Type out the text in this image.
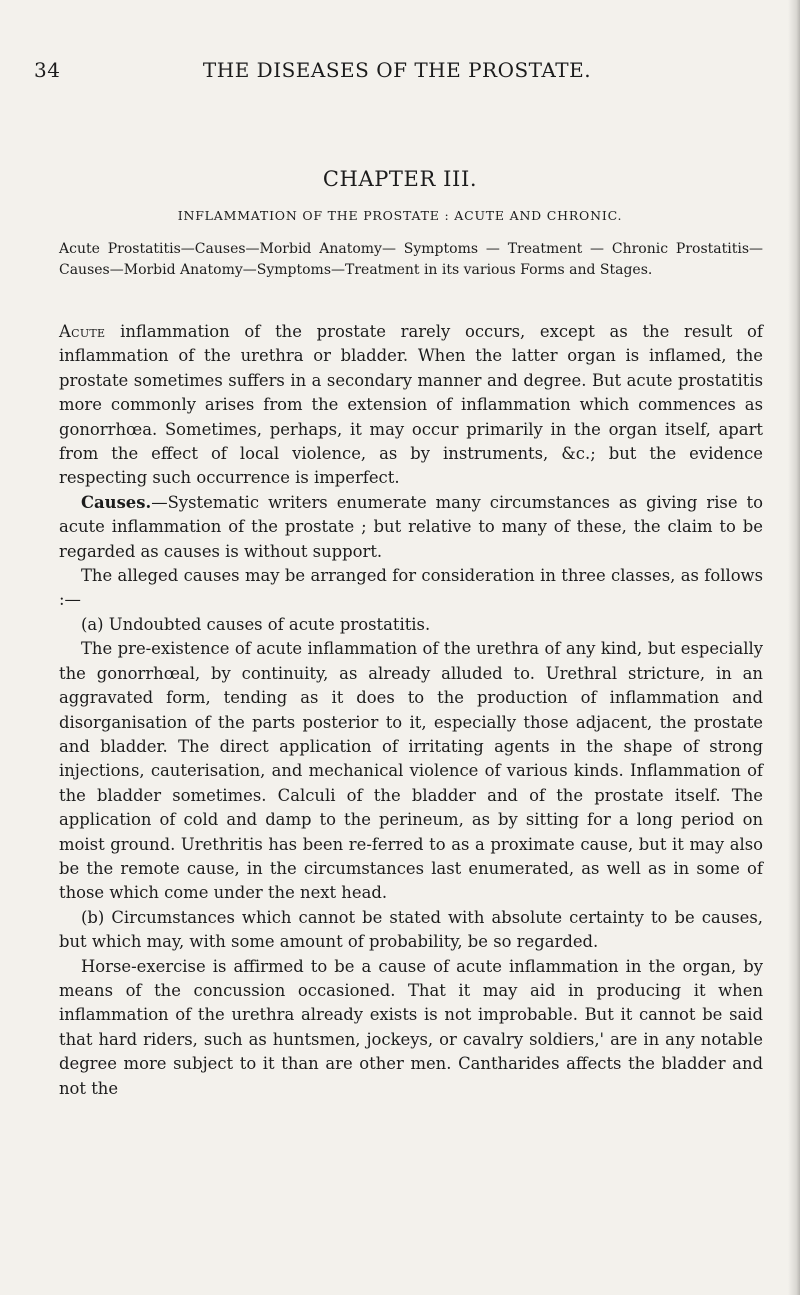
34	THE DISEASES OF THE PROSTATE.
CHAPTER III.
INFLAMMATION OF THE PROSTATE : ACUTE AND CHRONIC.
Acute Prostatitis—Causes—Morbid Anatomy— Symptoms — Treatment — Chronic Prostatitis—Causes—Morbid Anatomy—Symptoms—Treatment in its various Forms and Stages.

Acute inflammation of the prostate rarely occurs, except as the result of inflammation of the urethra or bladder. When the latter organ is inflamed, the prostate sometimes suffers in a secondary manner and degree. But acute prostatitis more commonly arises from the extension of inflammation which commences as gonorrhœa. Sometimes, perhaps, it may occur primarily in the organ itself, apart from the effect of local violence, as by instruments, &c.; but the evidence respecting such occurrence is imperfect.

Causes.—Systematic writers enumerate many circumstances as giving rise to acute inflammation of the prostate ; but relative to many of these, the claim to be regarded as causes is without support.

The alleged causes may be arranged for consideration in three classes, as follows :—

(a) Undoubted causes of acute prostatitis.

The pre-existence of acute inflammation of the urethra of any kind, but especially the gonorrhœal, by continuity, as already alluded to. Urethral stricture, in an aggravated form, tending as it does to the production of inflammation and disorganisation of the parts posterior to it, especially those adjacent, the prostate and bladder. The direct application of irritating agents in the shape of strong injections, cauterisation, and mechanical violence of various kinds. Inflammation of the bladder sometimes. Calculi of the bladder and of the prostate itself. The application of cold and damp to the perineum, as by sitting for a long period on moist ground. Urethritis has been re-ferred to as a proximate cause, but it may also be the remote cause, in the circumstances last enumerated, as well as in some of those which come under the next head.

(b) Circumstances which cannot be stated with absolute certainty to be causes, but which may, with some amount of probability, be so regarded.

Horse-exercise is affirmed to be a cause of acute inflammation in the organ, by means of the concussion occasioned. That it may aid in producing it when inflammation of the urethra already exists is not improbable. But it cannot be said that hard riders, such as huntsmen, jockeys, or cavalry soldiers,' are in any notable degree more subject to it than are other men. Cantharides affects the bladder and not the
